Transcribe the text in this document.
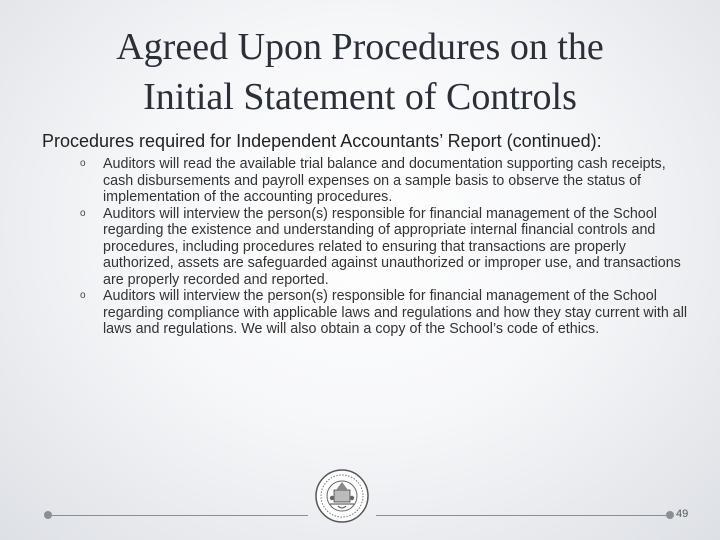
Agreed Upon Procedures on the
Initial Statement of Controls
Procedures required for Independent Accountants’ Report (continued):
o Auditors will read the available trial balance and documentation supporting cash receipts, cash disbursements and payroll expenses on a sample basis to observe the status of implementation of the accounting procedures.
o Auditors will interview the person(s) responsible for financial management of the School regarding the existence and understanding of appropriate internal financial controls and procedures, including procedures related to ensuring that transactions are properly authorized, assets are safeguarded against unauthorized or improper use, and transactions are properly recorded and reported.
o Auditors will interview the person(s) responsible for financial management of the School regarding compliance with applicable laws and regulations and how they stay current with all laws and regulations. We will also obtain a copy of the School’s code of ethics.
49
